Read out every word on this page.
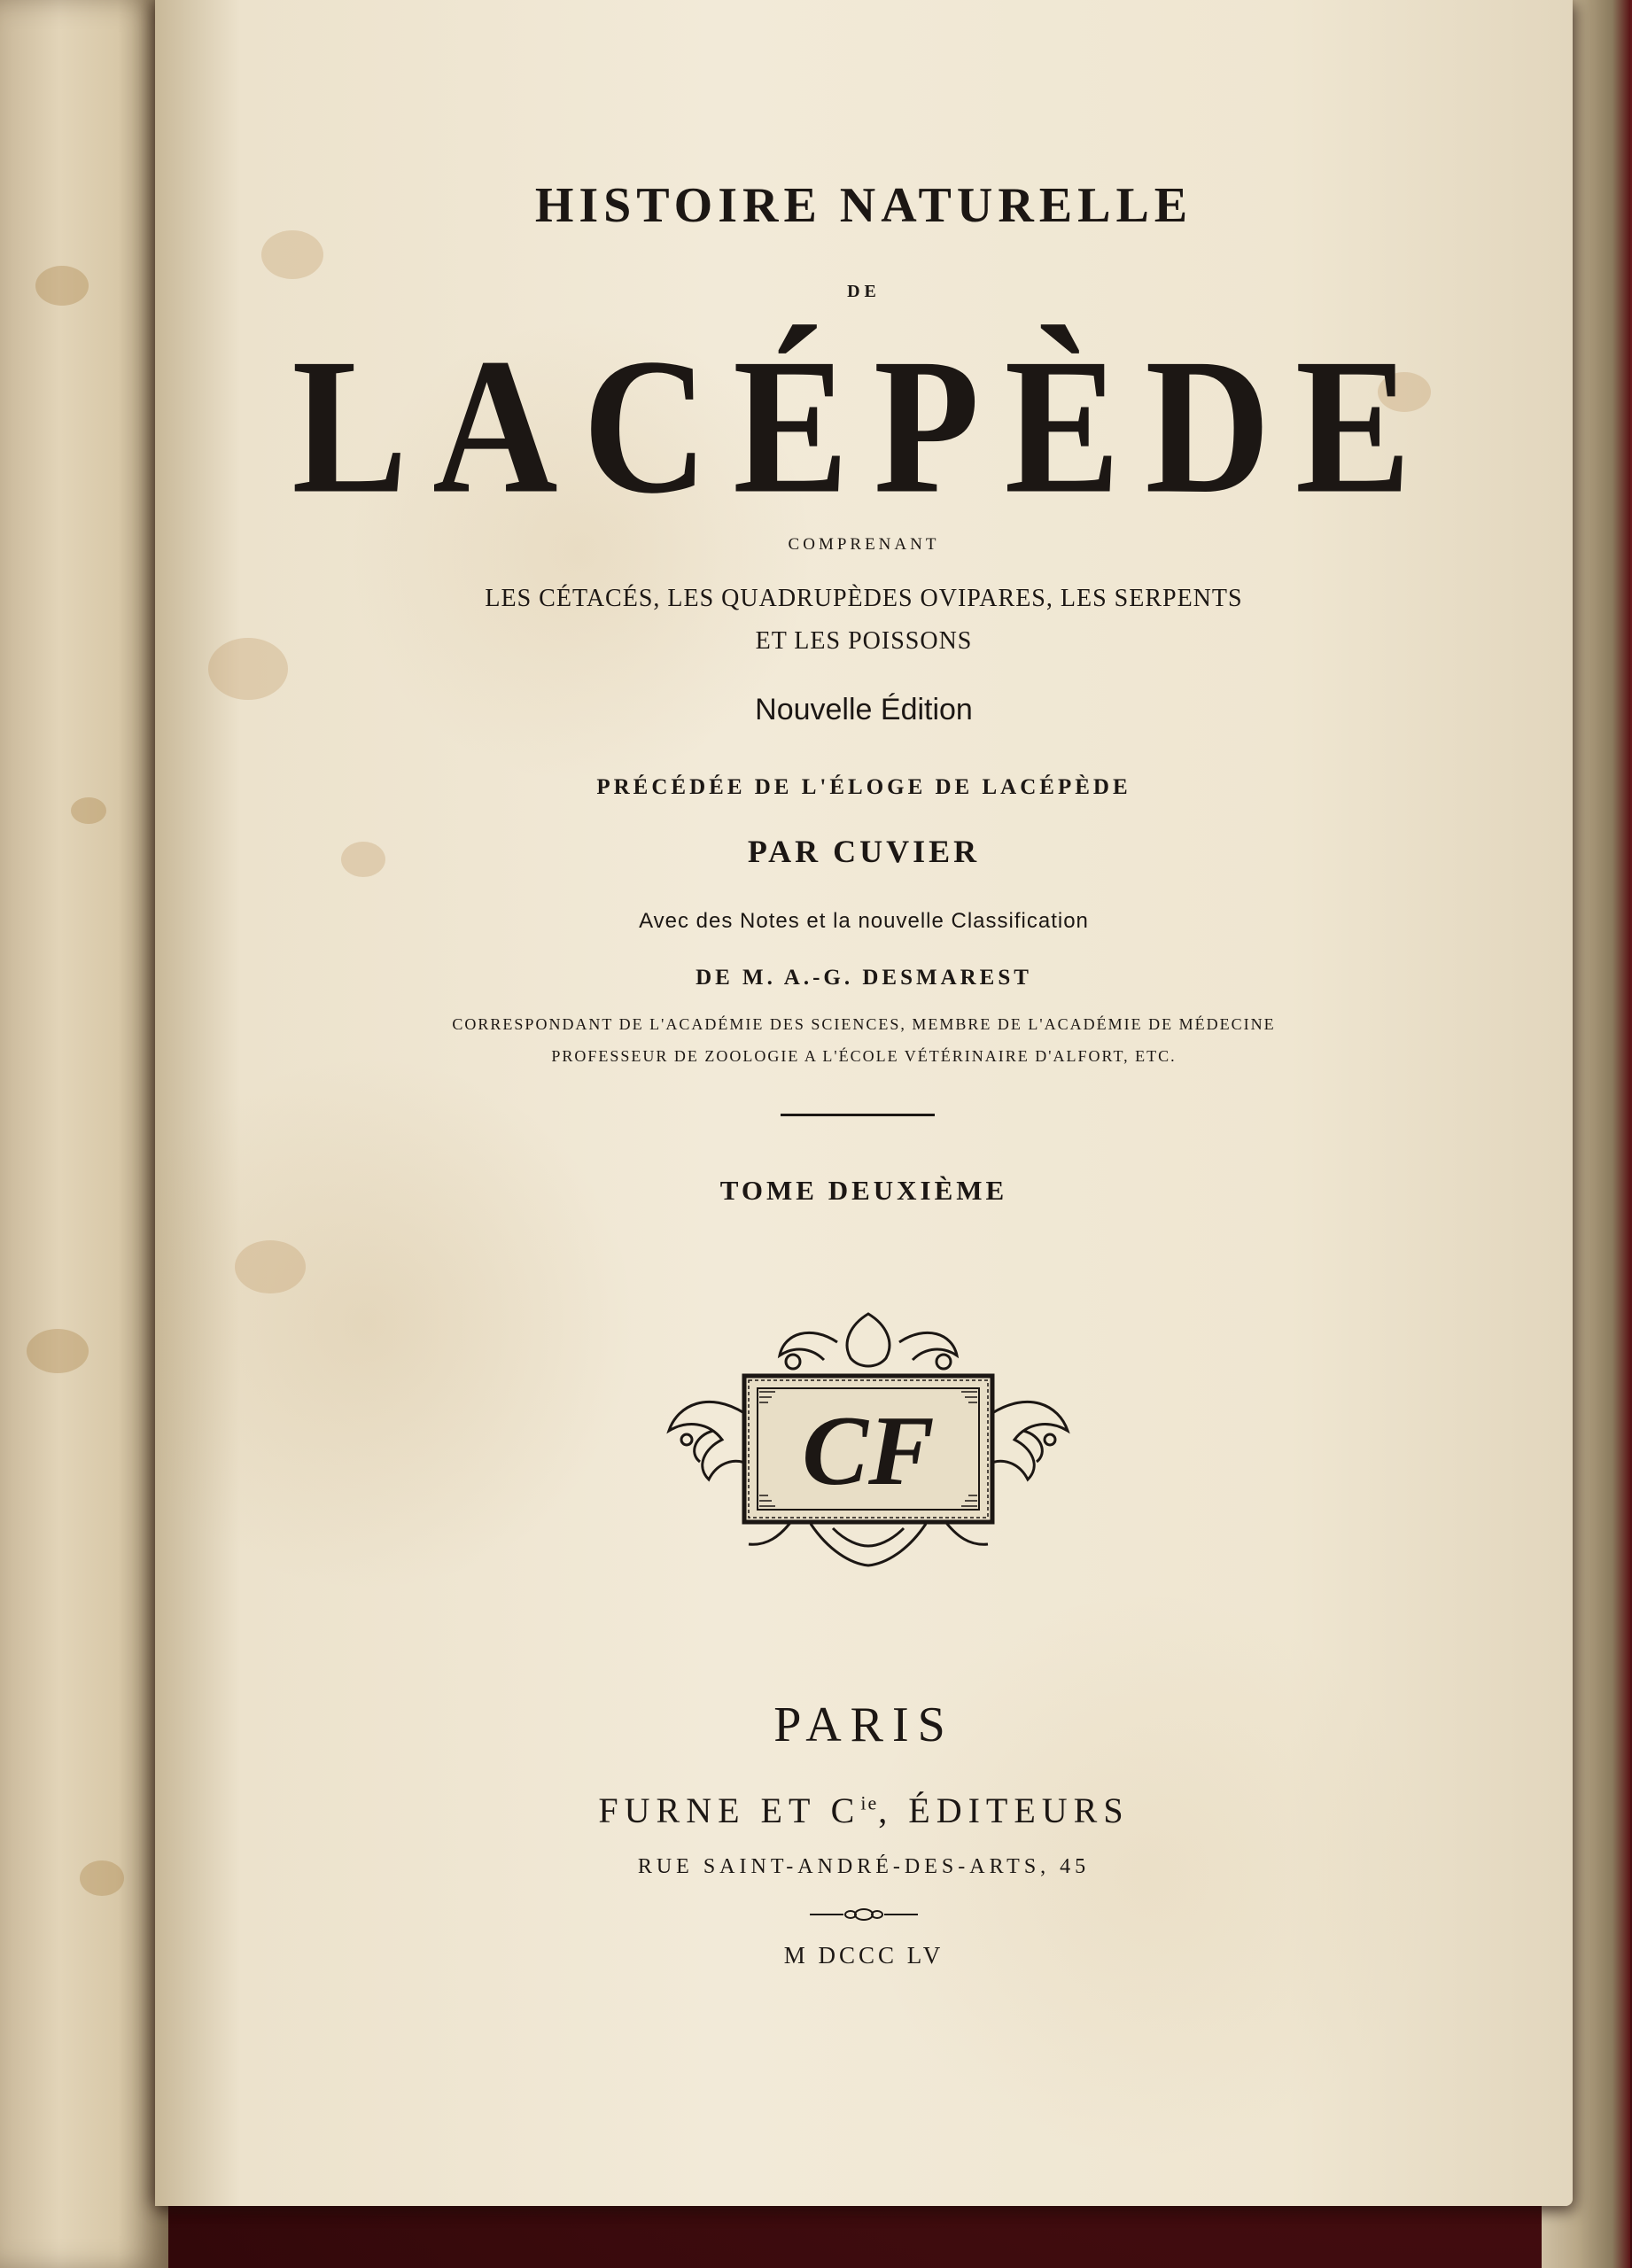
HISTOIRE NATURELLE
DE
LACÉPÈDE
COMPRENANT
LES CÉTACÉS, LES QUADRUPÈDES OVIPARES, LES SERPENTS
ET LES POISSONS
Nouvelle Édition
PRÉCÉDÉE DE L'ÉLOGE DE LACÉPÈDE
PAR CUVIER
Avec des Notes et la nouvelle Classification
DE M. A.-G. DESMAREST
CORRESPONDANT DE L'ACADÉMIE DES SCIENCES, MEMBRE DE L'ACADÉMIE DE MÉDECINE
PROFESSEUR DE ZOOLOGIE A L'ÉCOLE VÉTÉRINAIRE D'ALFORT, ETC.
TOME DEUXIÈME
CF
PARIS
FURNE ET $C^{ie}$, ÉDITEURS
RUE SAINT-ANDRÉ-DES-ARTS, 45
M DCCC LV
